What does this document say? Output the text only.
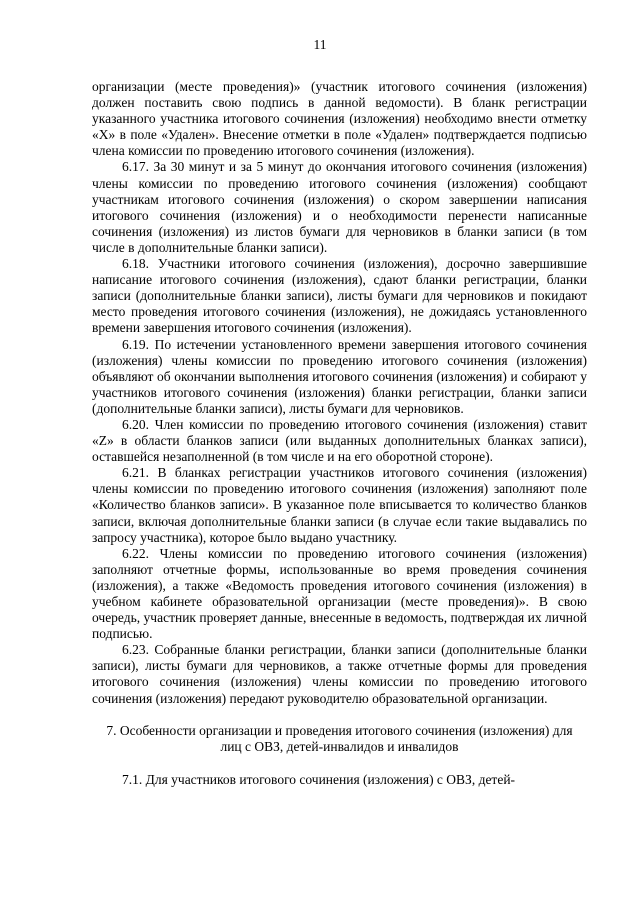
11

организации (месте проведения)» (участник итогового сочинения (изложения) должен поставить свою подпись в данной ведомости). В бланк регистрации указанного участника итогового сочинения (изложения) необходимо внести отметку «X» в поле «Удален». Внесение отметки в поле «Удален» подтверждается подписью члена комиссии по проведению итогового сочинения (изложения).

6.17. За 30 минут и за 5 минут до окончания итогового сочинения (изложения) члены комиссии по проведению итогового сочинения (изложения) сообщают участникам итогового сочинения (изложения) о скором завершении написания итогового сочинения (изложения) и о необходимости перенести написанные сочинения (изложения) из листов бумаги для черновиков в бланки записи (в том числе в дополнительные бланки записи).

6.18. Участники итогового сочинения (изложения), досрочно завершившие написание итогового сочинения (изложения), сдают бланки регистрации, бланки записи (дополнительные бланки записи), листы бумаги для черновиков и покидают место проведения итогового сочинения (изложения), не дожидаясь установленного времени завершения итогового сочинения (изложения).

6.19. По истечении установленного времени завершения итогового сочинения (изложения) члены комиссии по проведению итогового сочинения (изложения) объявляют об окончании выполнения итогового сочинения (изложения) и собирают у участников итогового сочинения (изложения) бланки регистрации, бланки записи (дополнительные бланки записи), листы бумаги для черновиков.

6.20. Член комиссии по проведению итогового сочинения (изложения) ставит «Z» в области бланков записи (или выданных дополнительных бланках записи), оставшейся незаполненной (в том числе и на его оборотной стороне).

6.21. В бланках регистрации участников итогового сочинения (изложения) члены комиссии по проведению итогового сочинения (изложения) заполняют поле «Количество бланков записи». В указанное поле вписывается то количество бланков записи, включая дополнительные бланки записи (в случае если такие выдавались по запросу участника), которое было выдано участнику.

6.22. Члены комиссии по проведению итогового сочинения (изложения) заполняют отчетные формы, использованные во время проведения сочинения (изложения), а также «Ведомость проведения итогового сочинения (изложения) в учебном кабинете образовательной организации (месте проведения)». В свою очередь, участник проверяет данные, внесенные в ведомость, подтверждая их личной подписью.

6.23. Собранные бланки регистрации, бланки записи (дополнительные бланки записи), листы бумаги для черновиков, а также отчетные формы для проведения итогового сочинения (изложения) члены комиссии по проведению итогового сочинения (изложения) передают руководителю образовательной организации.

7. Особенности организации и проведения итогового сочинения (изложения) для
лиц с ОВЗ, детей-инвалидов и инвалидов

7.1. Для участников итогового сочинения (изложения) с ОВЗ, детей-
